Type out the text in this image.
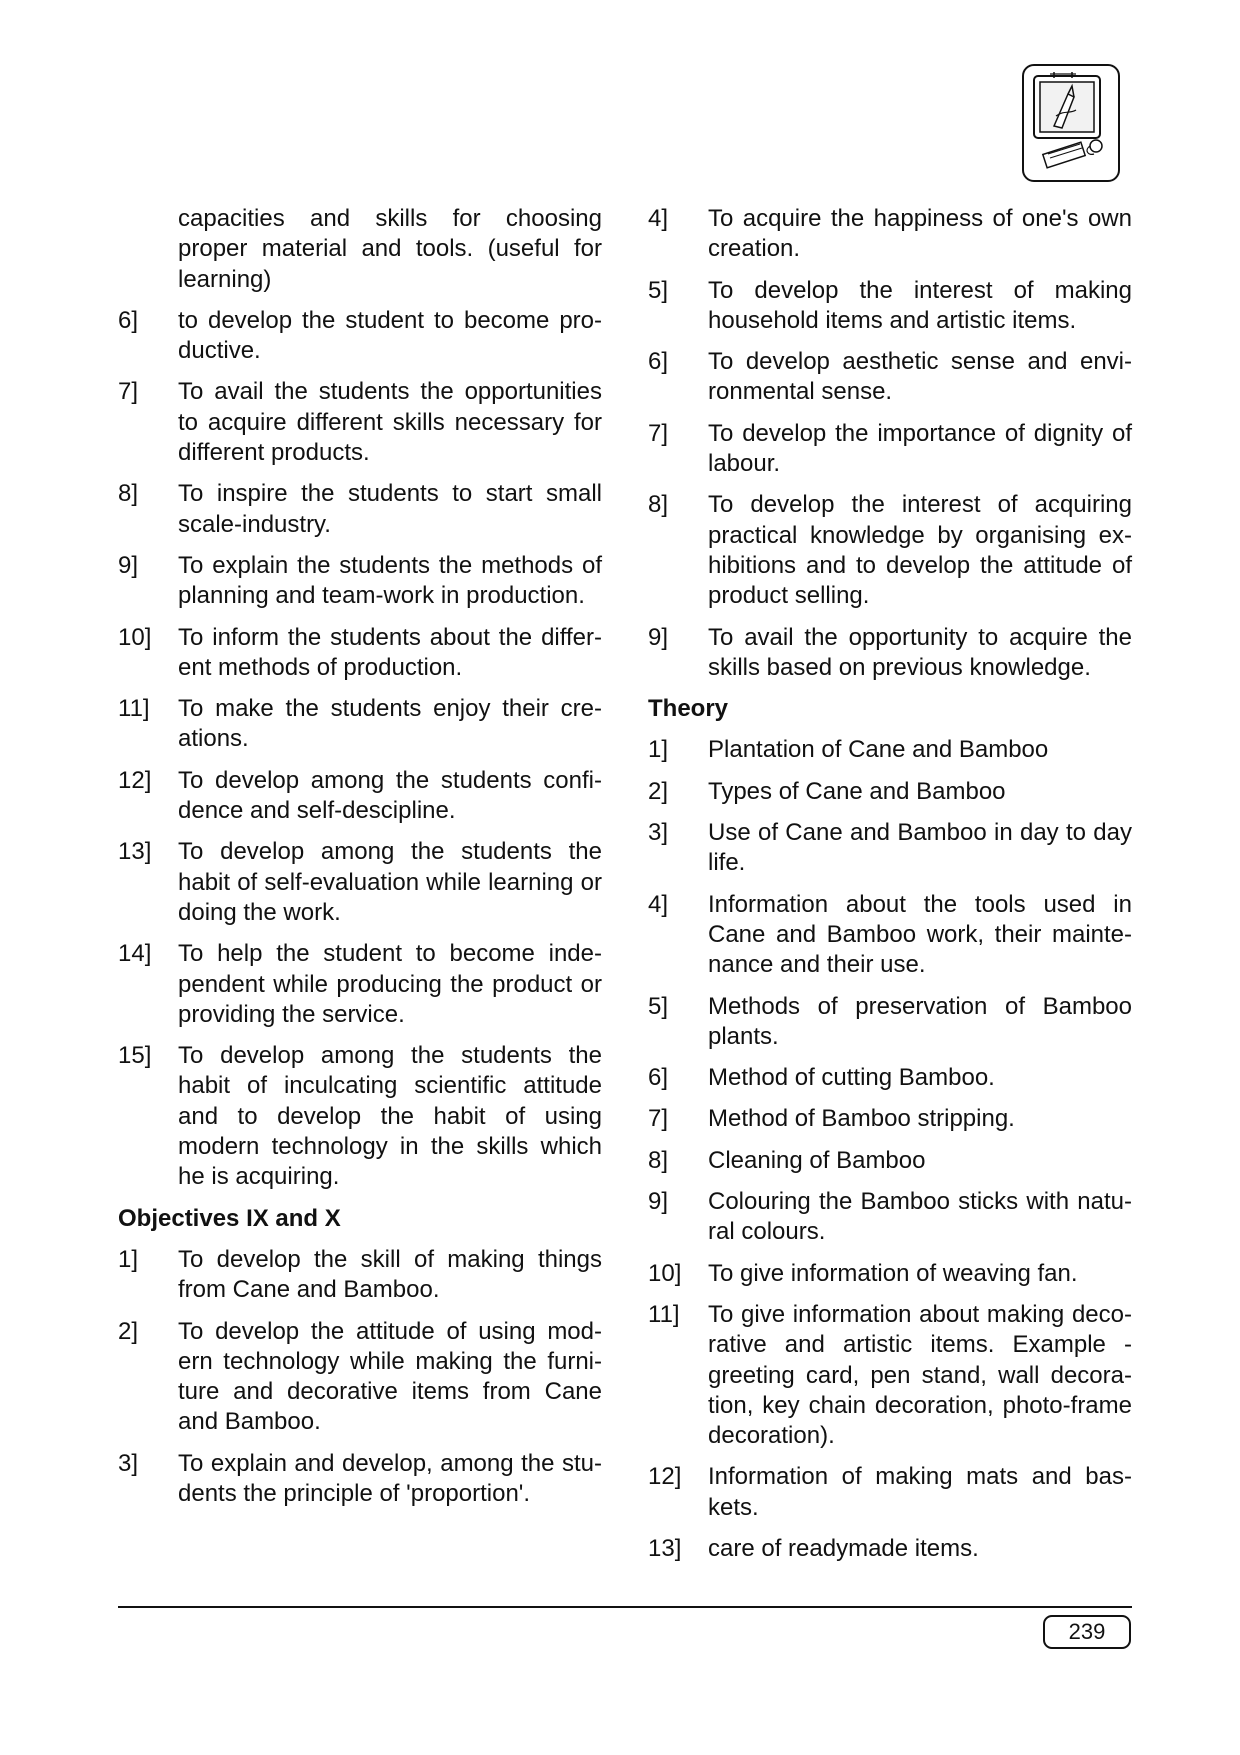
capacities and skills for choosing proper material and tools. (useful for learning)
6]	to develop the student to become pro-ductive.
7]	To avail the students the opportunities to acquire different skills necessary for different products.
8]	To inspire the students to start small scale-industry.
9]	To explain the students the methods of planning and team-work in production.
10]	To inform the students about the differ-ent methods of production.
11]	To make the students enjoy their cre-ations.
12]	To develop among the students confi-dence and self-descipline.
13]	To develop among the students the habit of self-evaluation while learning or doing the work.
14]	To help the student to become inde-pendent while producing the product or providing the service.
15]	To develop among the students the habit of inculcating scientific attitude and to develop the habit of using modern technology in the skills which he is acquiring.
Objectives IX and X
1]	To develop the skill of making things from Cane and Bamboo.
2]	To develop the attitude of using mod-ern technology while making the furni-ture and decorative items from Cane and Bamboo.
3]	To explain and develop, among the stu-dents the principle of 'proportion'.
4]	To acquire the happiness of one's own creation.
5]	To develop the interest of making household items and artistic items.
6]	To develop aesthetic sense and envi-ronmental sense.
7]	To develop the importance of dignity of labour.
8]	To develop the interest of acquiring practical knowledge by organising ex-hibitions and to develop the attitude of product selling.
9]	To avail the opportunity to acquire the skills based on previous knowledge.
Theory
1]	Plantation of Cane and Bamboo
2]	Types of Cane and Bamboo
3]	Use of Cane and Bamboo in day to day life.
4]	Information about the tools used in Cane and Bamboo work, their mainte-nance and their use.
5]	Methods of preservation of Bamboo plants.
6]	Method of cutting Bamboo.
7]	Method of Bamboo stripping.
8]	Cleaning of Bamboo
9]	Colouring the Bamboo sticks with natu-ral colours.
10]	To give information of weaving fan.
11]	To give information about making deco-rative and artistic items. Example - greeting card, pen stand, wall decora-tion, key chain decoration, photo-frame decoration).
12]	Information of making mats and bas-kets.
13]	care of readymade items.
239
